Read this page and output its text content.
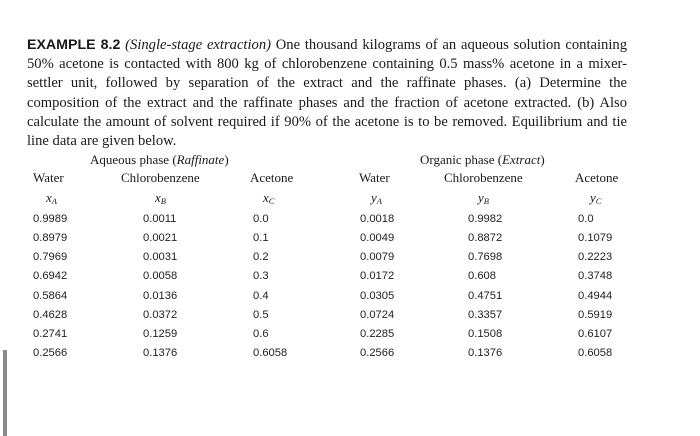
EXAMPLE 8.2 (Single-stage extraction) One thousand kilograms of an aqueous solution containing 50% acetone is contacted with 800 kg of chlorobenzene containing 0.5 mass% acetone in a mixer-settler unit, followed by separation of the extract and the raffinate phases. (a) Determine the composition of the extract and the raffinate phases and the fraction of acetone extracted. (b) Also calculate the amount of solvent required if 90% of the acetone is to be removed. Equilibrium and tie line data are given below.
Aqueous phase (Raffinate)	Organic phase (Extract)
Water	Chlorobenzene	Acetone	Water	Chlorobenzene	Acetone
$x_A$	$x_B$	$x_C$	$y_A$	$y_B$	$y_C$
0.9989	0.0011	0.0	0.0018	0.9982	0.0
0.8979	0.0021	0.1	0.0049	0.8872	0.1079
0.7969	0.0031	0.2	0.0079	0.7698	0.2223
0.6942	0.0058	0.3	0.0172	0.608	0.3748
0.5864	0.0136	0.4	0.0305	0.4751	0.4944
0.4628	0.0372	0.5	0.0724	0.3357	0.5919
0.2741	0.1259	0.6	0.2285	0.1508	0.6107
0.2566	0.1376	0.6058	0.2566	0.1376	0.6058
